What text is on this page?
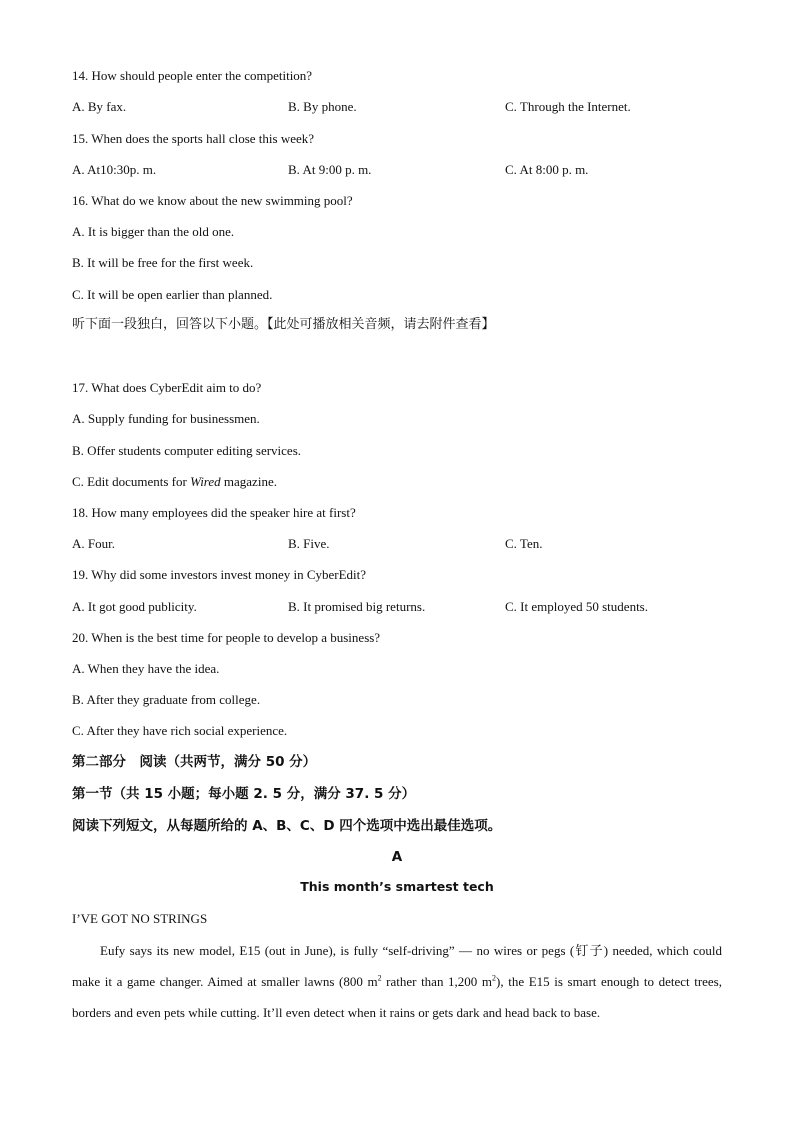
14. How should people enter the competition?
A. By fax.	B. By phone.	C. Through the Internet.
15. When does the sports hall close this week?
A. At10:30p. m.	B. At 9:00 p. m.	C. At 8:00 p. m.
16. What do we know about the new swimming pool?
A. It is bigger than the old one.
B. It will be free for the first week.
C. It will be open earlier than planned.
听下面一段独白，回答以下小题。【此处可播放相关音频，请去附件查看】
17. What does CyberEdit aim to do?
A. Supply funding for businessmen.
B. Offer students computer editing services.
C. Edit documents for Wired magazine.
18. How many employees did the speaker hire at first?
A. Four.	B. Five.	C. Ten.
19. Why did some investors invest money in CyberEdit?
A. It got good publicity.	B. It promised big returns.	C. It employed 50 students.
20. When is the best time for people to develop a business?
A. When they have the idea.
B. After they graduate from college.
C. After they have rich social experience.
第二部分　阅读（共两节，满分 50 分）
第一节（共 15 小题；每小题 2. 5 分，满分 37. 5 分）
阅读下列短文，从每题所给的 A、B、C、D 四个选项中选出最佳选项。
A
This month’s smartest tech
I’VE GOT NO STRINGS

Eufy says its new model, E15 (out in June), is fully “self-driving” — no wires or pegs (钉子) needed, which could make it a game changer. Aimed at smaller lawns (800 $m^2$ rather than 1,200 $m^2$), the E15 is smart enough to detect trees, borders and even pets while cutting. It’ll even detect when it rains or gets dark and head back to base.
